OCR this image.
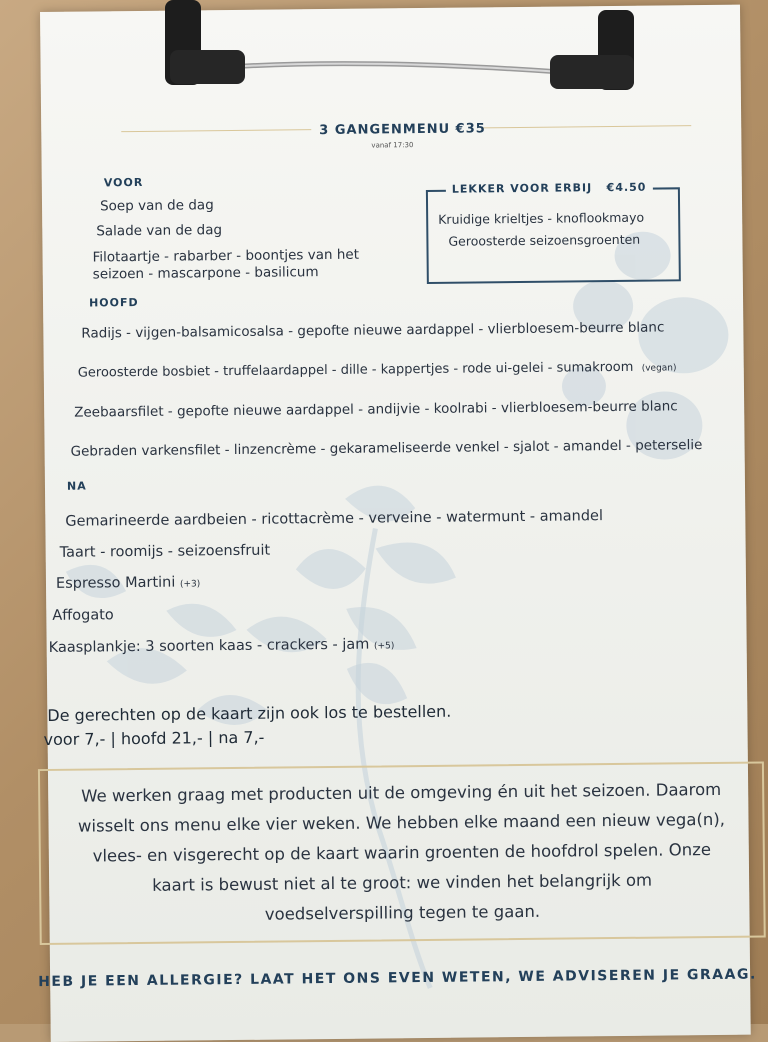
3 GANGENMENU €35
vanaf 17:30
VOOR
Soep van de dag
Salade van de dag
Filotaartje - rabarber - boontjes van het
seizoen - mascarpone - basilicum
LEKKER VOOR ERBIJ €4.50
Kruidige krieltjes - knoflookmayo
Geroosterde seizoensgroenten
HOOFD
Radijs - vijgen-balsamicosalsa - gepofte nieuwe aardappel - vlierbloesem-beurre blanc
Geroosterde bosbiet - truffelaardappel - dille - kappertjes - rode ui-gelei - sumakroom (vegan)
Zeebaarsfilet - gepofte nieuwe aardappel - andijvie - koolrabi - vlierbloesem-beurre blanc
Gebraden varkensfilet - linzencrème - gekarameliseerde venkel - sjalot - amandel - peterselie
NA
Gemarineerde aardbeien - ricottacrème - verveine - watermunt - amandel
Taart - roomijs - seizoensfruit
Espresso Martini (+3)
Affogato
Kaasplankje: 3 soorten kaas - crackers - jam (+5)
De gerechten op de kaart zijn ook los te bestellen.
voor 7,- | hoofd 21,- | na 7,-
We werken graag met producten uit de omgeving én uit het seizoen. Daarom
wisselt ons menu elke vier weken. We hebben elke maand een nieuw vega(n),
vlees- en visgerecht op de kaart waarin groenten de hoofdrol spelen. Onze
kaart is bewust niet al te groot: we vinden het belangrijk om
voedselverspilling tegen te gaan.
HEB JE EEN ALLERGIE? LAAT HET ONS EVEN WETEN, WE ADVISEREN JE GRAAG.
